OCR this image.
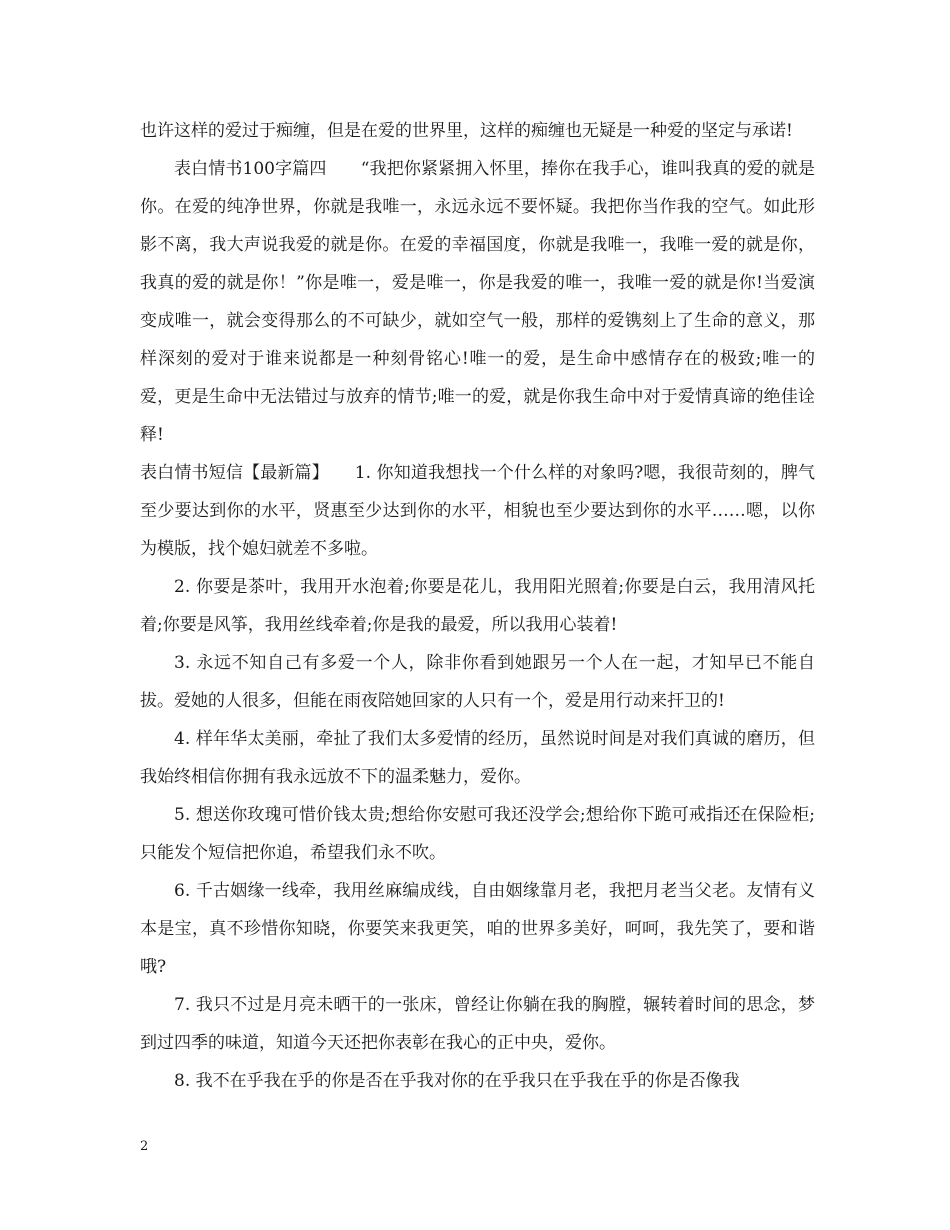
也许这样的爱过于痴缠，但是在爱的世界里，这样的痴缠也无疑是一种爱的坚定与承诺!

表白情书100字篇四　　“我把你紧紧拥入怀里，捧你在我手心，谁叫我真的爱的就是你。在爱的纯净世界，你就是我唯一，永远永远不要怀疑。我把你当作我的空气。如此形影不离，我大声说我爱的就是你。在爱的幸福国度，你就是我唯一，我唯一爱的就是你，我真的爱的就是你！”你是唯一，爱是唯一，你是我爱的唯一，我唯一爱的就是你!当爱演变成唯一，就会变得那么的不可缺少，就如空气一般，那样的爱镌刻上了生命的意义，那样深刻的爱对于谁来说都是一种刻骨铭心!唯一的爱，是生命中感情存在的极致;唯一的爱，更是生命中无法错过与放弃的情节;唯一的爱，就是你我生命中对于爱情真谛的绝佳诠释!

表白情书短信【最新篇】　　1. 你知道我想找一个什么样的对象吗?嗯，我很苛刻的，脾气至少要达到你的水平，贤惠至少达到你的水平，相貌也至少要达到你的水平……嗯，以你为模版，找个媳妇就差不多啦。

2. 你要是茶叶，我用开水泡着;你要是花儿，我用阳光照着;你要是白云，我用清风托着;你要是风筝，我用丝线牵着;你是我的最爱，所以我用心装着!

3. 永远不知自己有多爱一个人，除非你看到她跟另一个人在一起，才知早已不能自拔。爱她的人很多，但能在雨夜陪她回家的人只有一个，爱是用行动来扞卫的!

4. 样年华太美丽，牵扯了我们太多爱情的经历，虽然说时间是对我们真诚的磨历，但我始终相信你拥有我永远放不下的温柔魅力，爱你。

5. 想送你玫瑰可惜价钱太贵;想给你安慰可我还没学会;想给你下跪可戒指还在保险柜;只能发个短信把你追，希望我们永不吹。

6. 千古姻缘一线牵，我用丝麻编成线，自由姻缘靠月老，我把月老当父老。友情有义本是宝，真不珍惜你知晓，你要笑来我更笑，咱的世界多美好，呵呵，我先笑了，要和谐哦?

7. 我只不过是月亮未晒干的一张床，曾经让你躺在我的胸膛，辗转着时间的思念，梦到过四季的味道，知道今天还把你表彰在我心的正中央，爱你。

8. 我不在乎我在乎的你是否在乎我对你的在乎我只在乎我在乎的你是否像我

2
